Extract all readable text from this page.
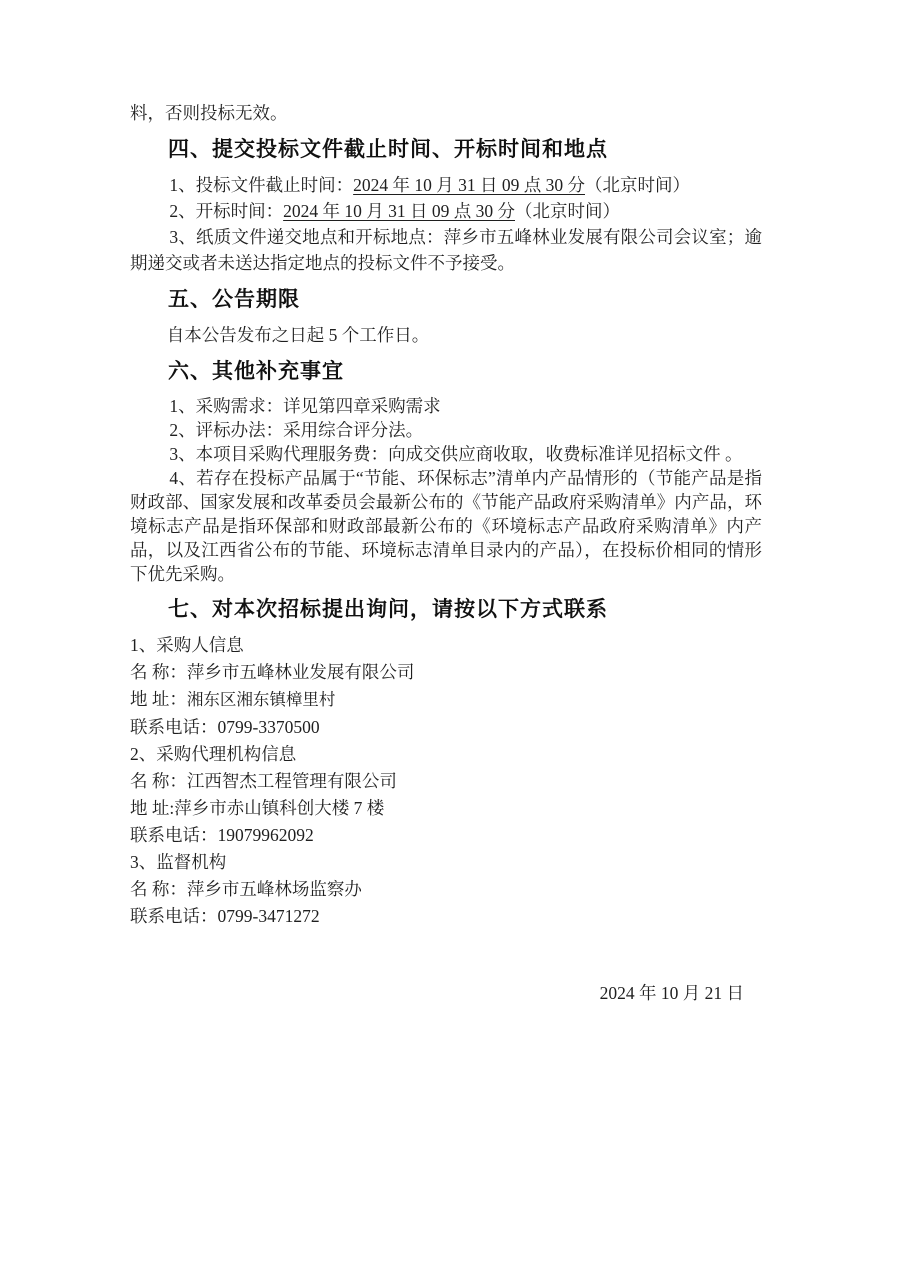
料，否则投标无效。

四、提交投标文件截止时间、开标时间和地点

1、投标文件截止时间：2024 年 10 月 31 日 09 点 30 分（北京时间）

2、开标时间：2024 年 10 月 31 日 09 点 30 分（北京时间）

3、纸质文件递交地点和开标地点：萍乡市五峰林业发展有限公司会议室；逾期递交或者未送达指定地点的投标文件不予接受。

五、公告期限

自本公告发布之日起 5 个工作日。

六、其他补充事宜

1、采购需求：详见第四章采购需求

2、评标办法：采用综合评分法。

3、本项目采购代理服务费：向成交供应商收取，收费标准详见招标文件 。

4、若存在投标产品属于“节能、环保标志”清单内产品情形的（节能产品是指财政部、国家发展和改革委员会最新公布的《节能产品政府采购清单》内产品，环境标志产品是指环保部和财政部最新公布的《环境标志产品政府采购清单》内产品，以及江西省公布的节能、环境标志清单目录内的产品），在投标价相同的情形下优先采购。

七、对本次招标提出询问，请按以下方式联系

1、采购人信息

名 称：萍乡市五峰林业发展有限公司

地 址：湘东区湘东镇樟里村

联系电话：0799-3370500

2、采购代理机构信息

名 称：江西智杰工程管理有限公司

地 址:萍乡市赤山镇科创大楼 7 楼

联系电话：19079962092

3、监督机构

名 称：萍乡市五峰林场监察办

联系电话：0799-3471272

2024 年 10 月 21 日
